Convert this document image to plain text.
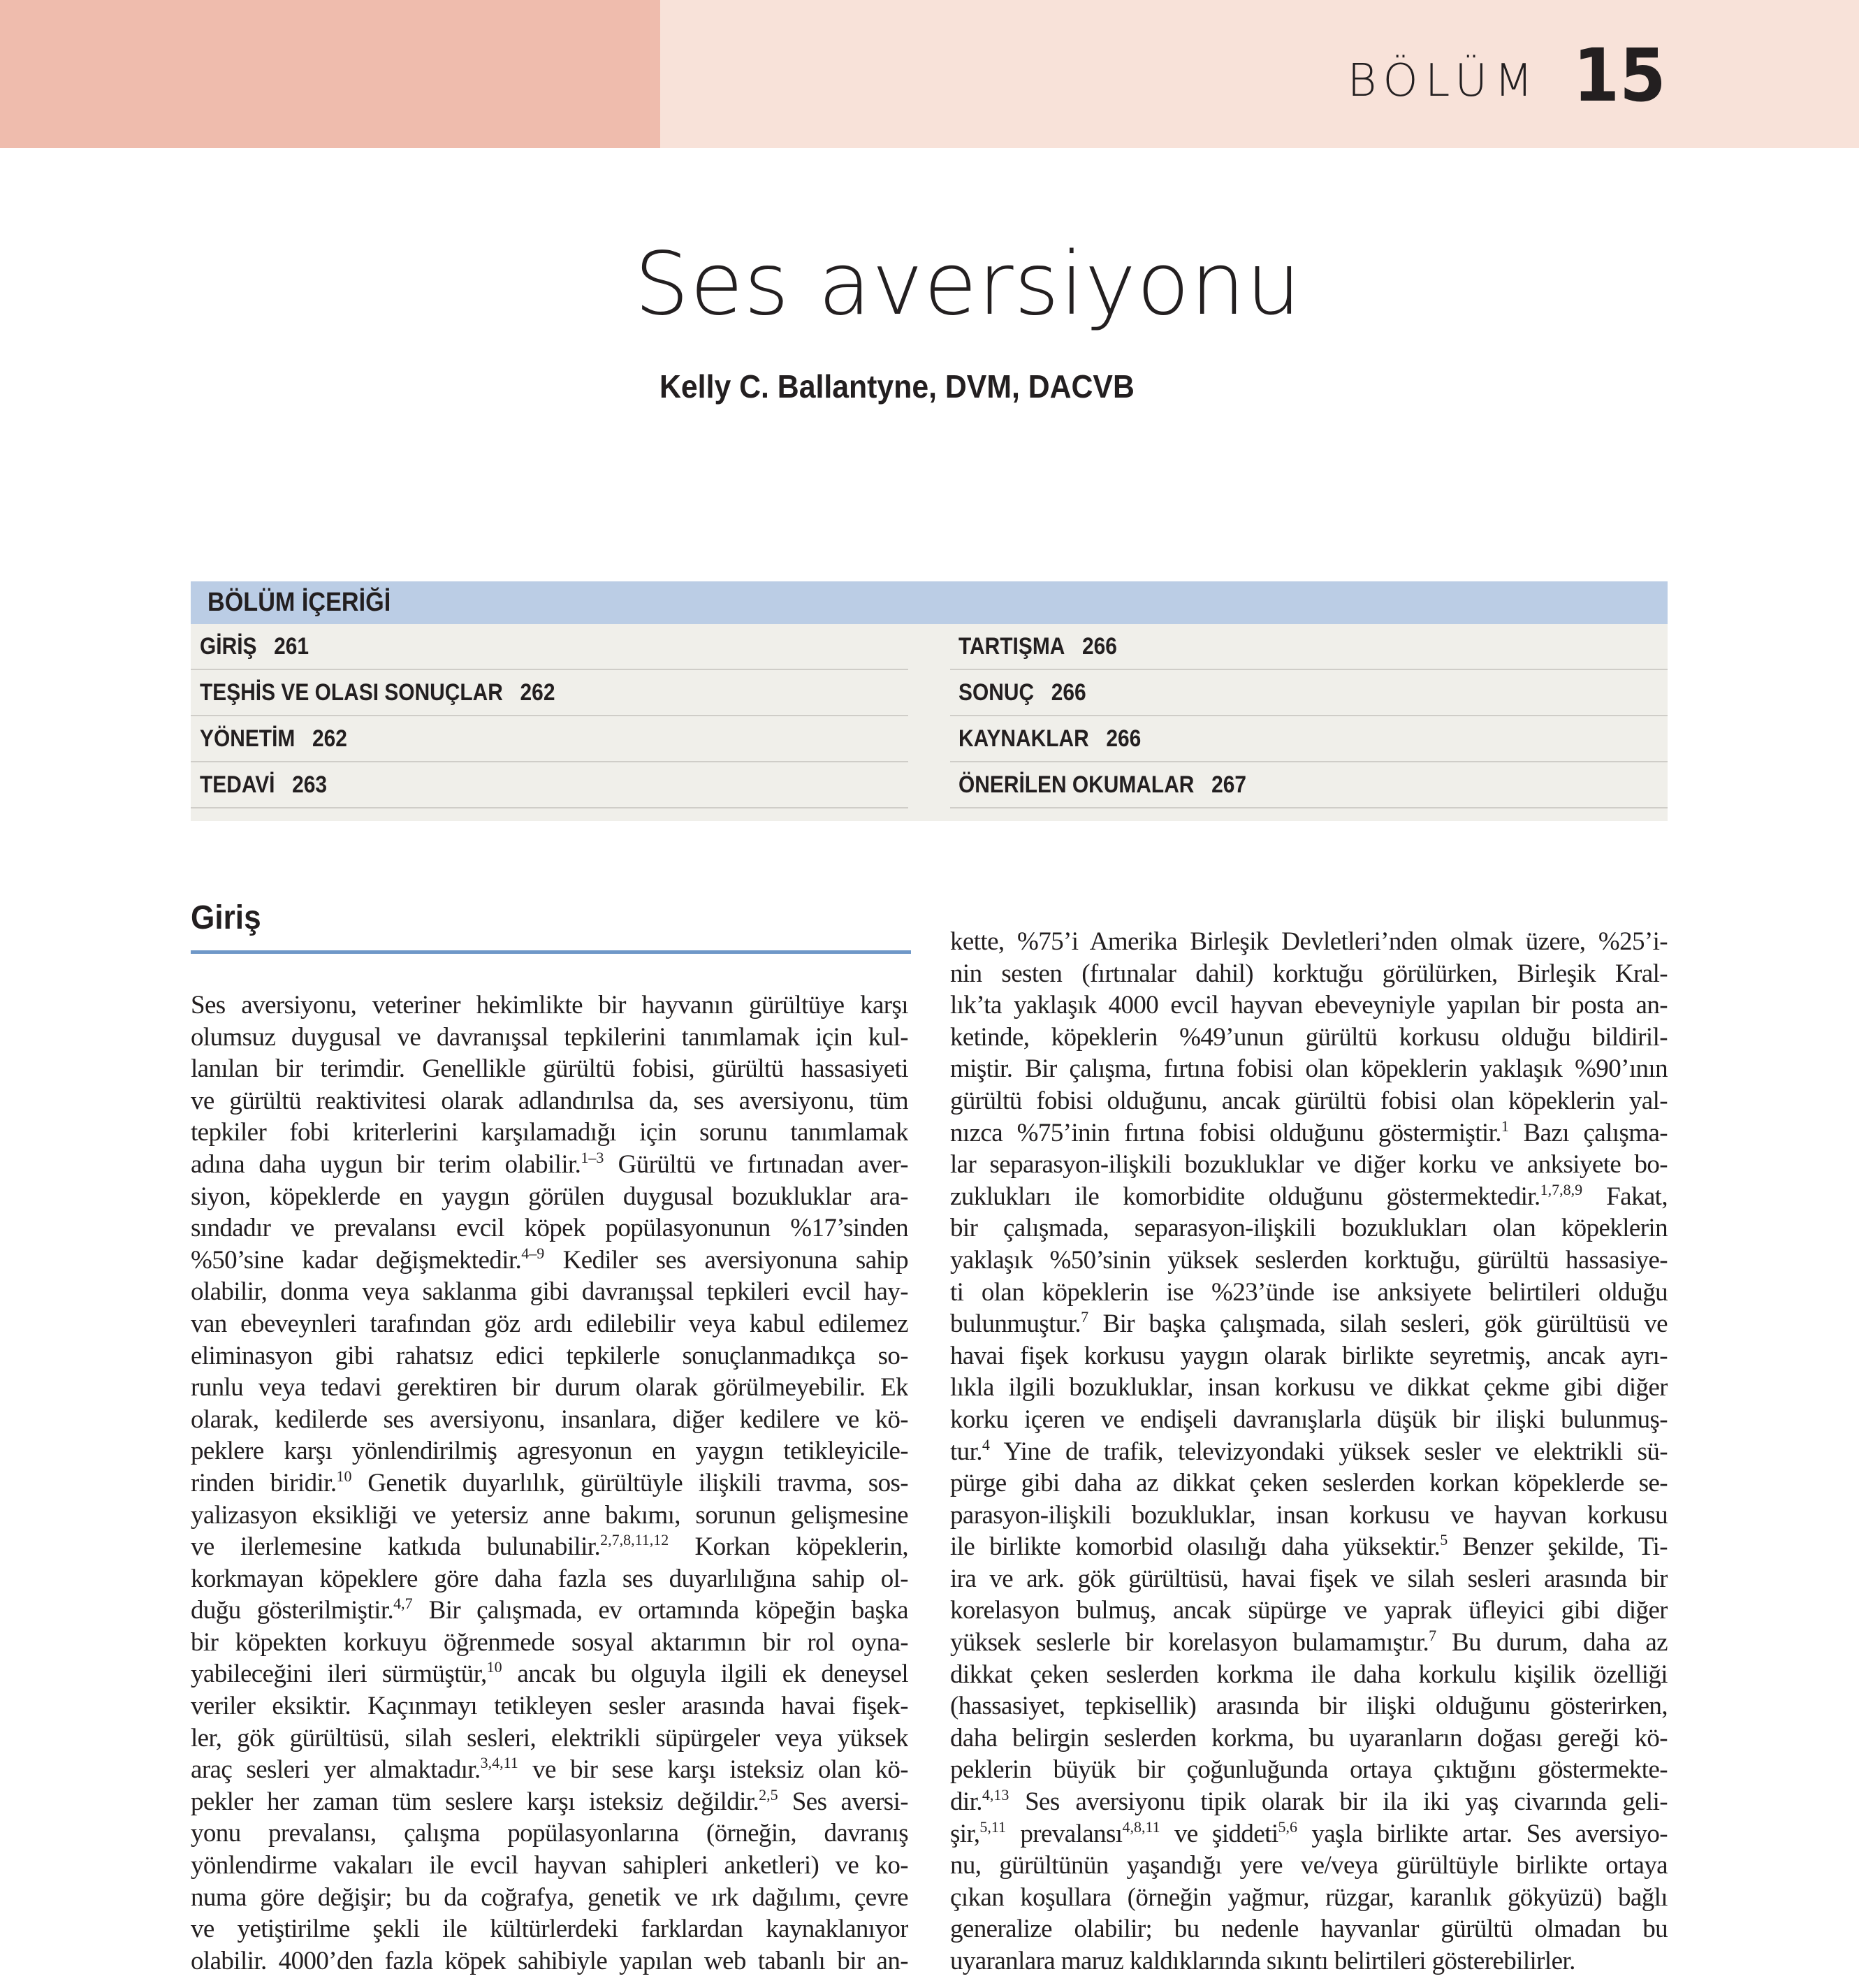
BÖLÜM 15
Ses aversiyonu
Kelly C. Ballantyne, DVM, DACVB
BÖLÜM İÇERİĞİ
GİRİŞ 261
TEŞHİS VE OLASI SONUÇLAR 262
YÖNETİM 262
TEDAVİ 263
TARTIŞMA 266
SONUÇ 266
KAYNAKLAR 266
ÖNERİLEN OKUMALAR 267
Giriş
Ses aversiyonu, veteriner hekimlikte bir hayvanın gürültüye karşı
olumsuz duygusal ve davranışsal tepkilerini tanımlamak için kul-
lanılan bir terimdir. Genellikle gürültü fobisi, gürültü hassasiyeti
ve gürültü reaktivitesi olarak adlandırılsa da, ses aversiyonu, tüm
tepkiler fobi kriterlerini karşılamadığı için sorunu tanımlamak
adına daha uygun bir terim olabilir.$^{1-3}$ Gürültü ve fırtınadan aver-
siyon, köpeklerde en yaygın görülen duygusal bozukluklar ara-
sındadır ve prevalansı evcil köpek popülasyonunun %17’sinden
%50’sine kadar değişmektedir.$^{4-9}$ Kediler ses aversiyonuna sahip
olabilir, donma veya saklanma gibi davranışsal tepkileri evcil hay-
van ebeveynleri tarafından göz ardı edilebilir veya kabul edilemez
eliminasyon gibi rahatsız edici tepkilerle sonuçlanmadıkça so-
runlu veya tedavi gerektiren bir durum olarak görülmeyebilir. Ek
olarak, kedilerde ses aversiyonu, insanlara, diğer kedilere ve kö-
peklere karşı yönlendirilmiş agresyonun en yaygın tetikleyicile-
rinden biridir.$^{10}$ Genetik duyarlılık, gürültüyle ilişkili travma, sos-
yalizasyon eksikliği ve yetersiz anne bakımı, sorunun gelişmesine
ve ilerlemesine katkıda bulunabilir.$^{2,7,8,11,12}$ Korkan köpeklerin,
korkmayan köpeklere göre daha fazla ses duyarlılığına sahip ol-
duğu gösterilmiştir.$^{4,7}$ Bir çalışmada, ev ortamında köpeğin başka
bir köpekten korkuyu öğrenmede sosyal aktarımın bir rol oyna-
yabileceğini ileri sürmüştür,$^{10}$ ancak bu olguyla ilgili ek deneysel
veriler eksiktir. Kaçınmayı tetikleyen sesler arasında havai fişek-
ler, gök gürültüsü, silah sesleri, elektrikli süpürgeler veya yüksek
araç sesleri yer almaktadır.$^{3,4,11}$ ve bir sese karşı isteksiz olan kö-
pekler her zaman tüm seslere karşı isteksiz değildir.$^{2,5}$ Ses aversi-
yonu prevalansı, çalışma popülasyonlarına (örneğin, davranış
yönlendirme vakaları ile evcil hayvan sahipleri anketleri) ve ko-
numa göre değişir; bu da coğrafya, genetik ve ırk dağılımı, çevre
ve yetiştirilme şekli ile kültürlerdeki farklardan kaynaklanıyor
olabilir. 4000’den fazla köpek sahibiyle yapılan web tabanlı bir an-
kette, %75’i Amerika Birleşik Devletleri’nden olmak üzere, %25’i-
nin sesten (fırtınalar dahil) korktuğu görülürken, Birleşik Kral-
lık’ta yaklaşık 4000 evcil hayvan ebeveyniyle yapılan bir posta an-
ketinde, köpeklerin %49’unun gürültü korkusu olduğu bildiril-
miştir. Bir çalışma, fırtına fobisi olan köpeklerin yaklaşık %90’ının
gürültü fobisi olduğunu, ancak gürültü fobisi olan köpeklerin yal-
nızca %75’inin fırtına fobisi olduğunu göstermiştir.$^1$ Bazı çalışma-
lar separasyon-ilişkili bozukluklar ve diğer korku ve anksiyete bo-
zuklukları ile komorbidite olduğunu göstermektedir.$^{1,7,8,9}$ Fakat,
bir çalışmada, separasyon-ilişkili bozuklukları olan köpeklerin
yaklaşık %50’sinin yüksek seslerden korktuğu, gürültü hassasiye-
ti olan köpeklerin ise %23’ünde ise anksiyete belirtileri olduğu
bulunmuştur.$^7$ Bir başka çalışmada, silah sesleri, gök gürültüsü ve
havai fişek korkusu yaygın olarak birlikte seyretmiş, ancak ayrı-
lıkla ilgili bozukluklar, insan korkusu ve dikkat çekme gibi diğer
korku içeren ve endişeli davranışlarla düşük bir ilişki bulunmuş-
tur.$^4$ Yine de trafik, televizyondaki yüksek sesler ve elektrikli sü-
pürge gibi daha az dikkat çeken seslerden korkan köpeklerde se-
parasyon-ilişkili bozukluklar, insan korkusu ve hayvan korkusu
ile birlikte komorbid olasılığı daha yüksektir.$^5$ Benzer şekilde, Ti-
ira ve ark. gök gürültüsü, havai fişek ve silah sesleri arasında bir
korelasyon bulmuş, ancak süpürge ve yaprak üfleyici gibi diğer
yüksek seslerle bir korelasyon bulamamıştır.$^7$ Bu durum, daha az
dikkat çeken seslerden korkma ile daha korkulu kişilik özelliği
(hassasiyet, tepkisellik) arasında bir ilişki olduğunu gösterirken,
daha belirgin seslerden korkma, bu uyaranların doğası gereği kö-
peklerin büyük bir çoğunluğunda ortaya çıktığını göstermekte-
dir.$^{4,13}$ Ses aversiyonu tipik olarak bir ila iki yaş civarında geli-
şir,$^{5,11}$ prevalansı$^{4,8,11}$ ve şiddeti$^{5,6}$ yaşla birlikte artar. Ses aversiyo-
nu, gürültünün yaşandığı yere ve/veya gürültüyle birlikte ortaya
çıkan koşullara (örneğin yağmur, rüzgar, karanlık gökyüzü) bağlı
generalize olabilir; bu nedenle hayvanlar gürültü olmadan bu
uyaranlara maruz kaldıklarında sıkıntı belirtileri gösterebilirler.
